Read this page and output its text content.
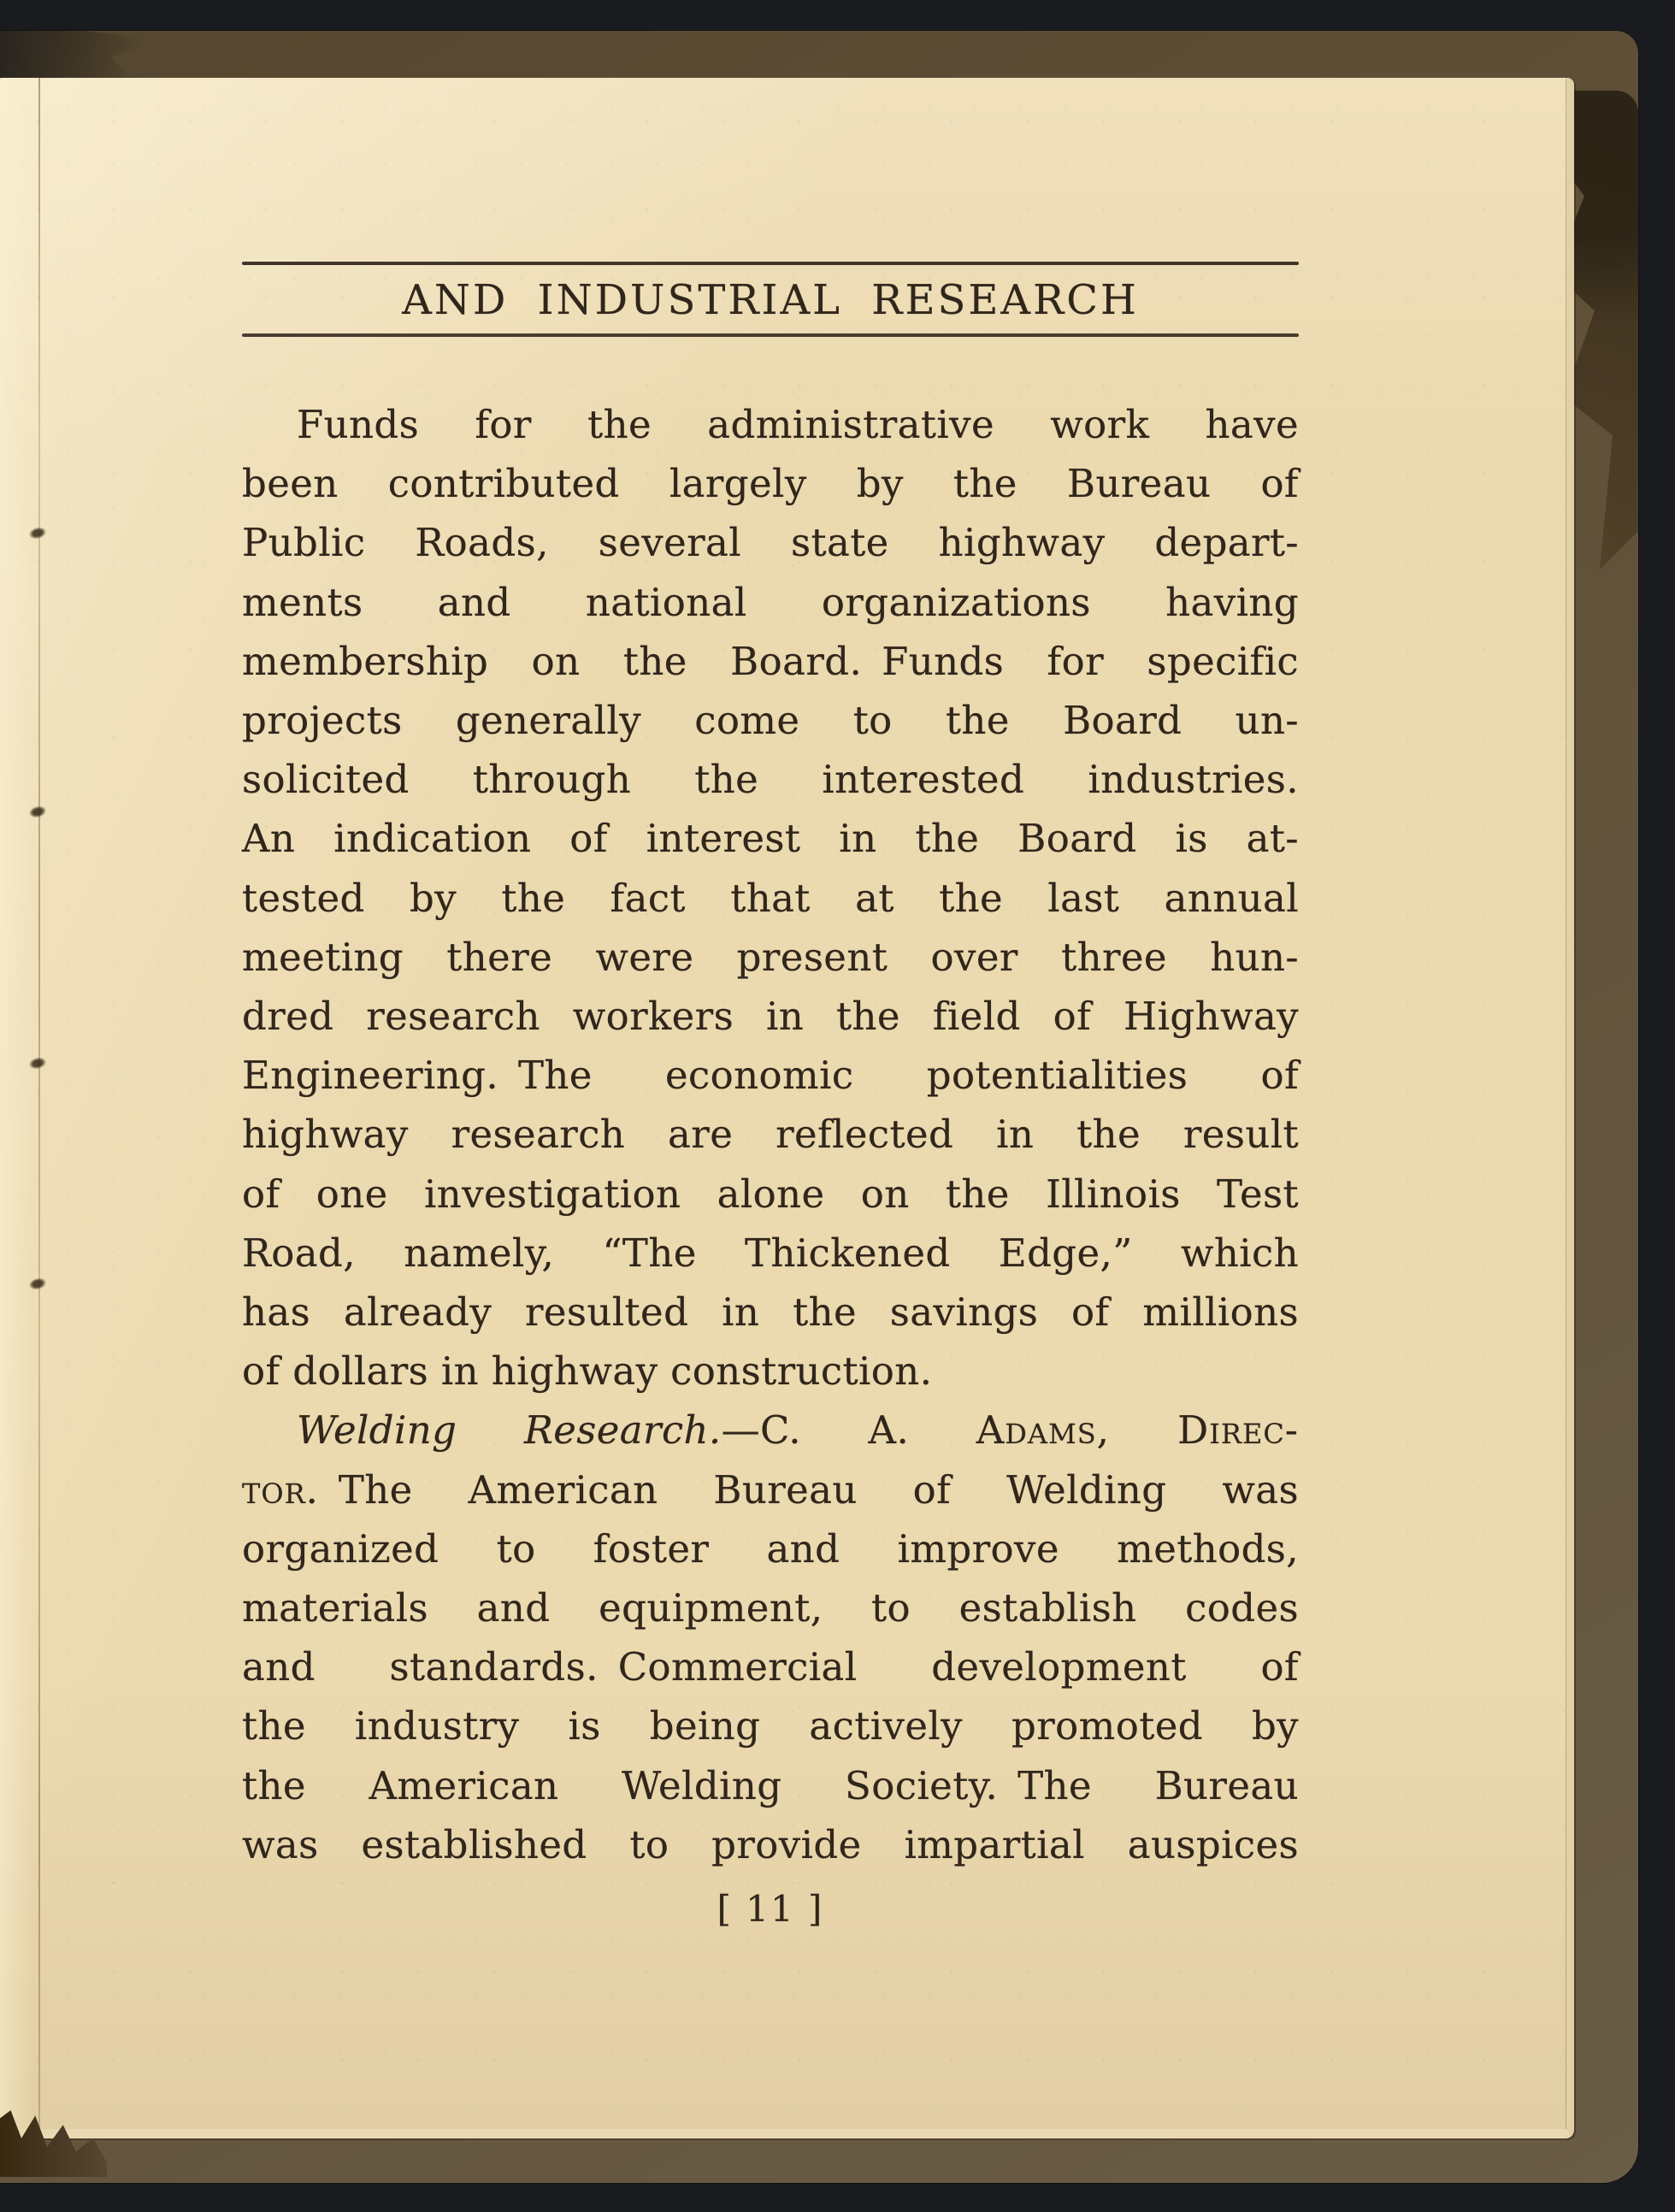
AND INDUSTRIAL RESEARCH
Funds for the administrative work have
been contributed largely by the Bureau of
Public Roads, several state highway depart-
ments and national organizations having
membership on the Board. Funds for specific
projects generally come to the Board un-
solicited through the interested industries.
An indication of interest in the Board is at-
tested by the fact that at the last annual
meeting there were present over three hun-
dred research workers in the field of Highway
Engineering. The economic potentialities of
highway research are reflected in the result
of one investigation alone on the Illinois Test
Road, namely, “The Thickened Edge,” which
has already resulted in the savings of millions
of dollars in highway construction.
Welding Research.—C. A. Adams, Direc-
tor. The American Bureau of Welding was
organized to foster and improve methods,
materials and equipment, to establish codes
and standards. Commercial development of
the industry is being actively promoted by
the American Welding Society. The Bureau
was established to provide impartial auspices
[ 11 ]
